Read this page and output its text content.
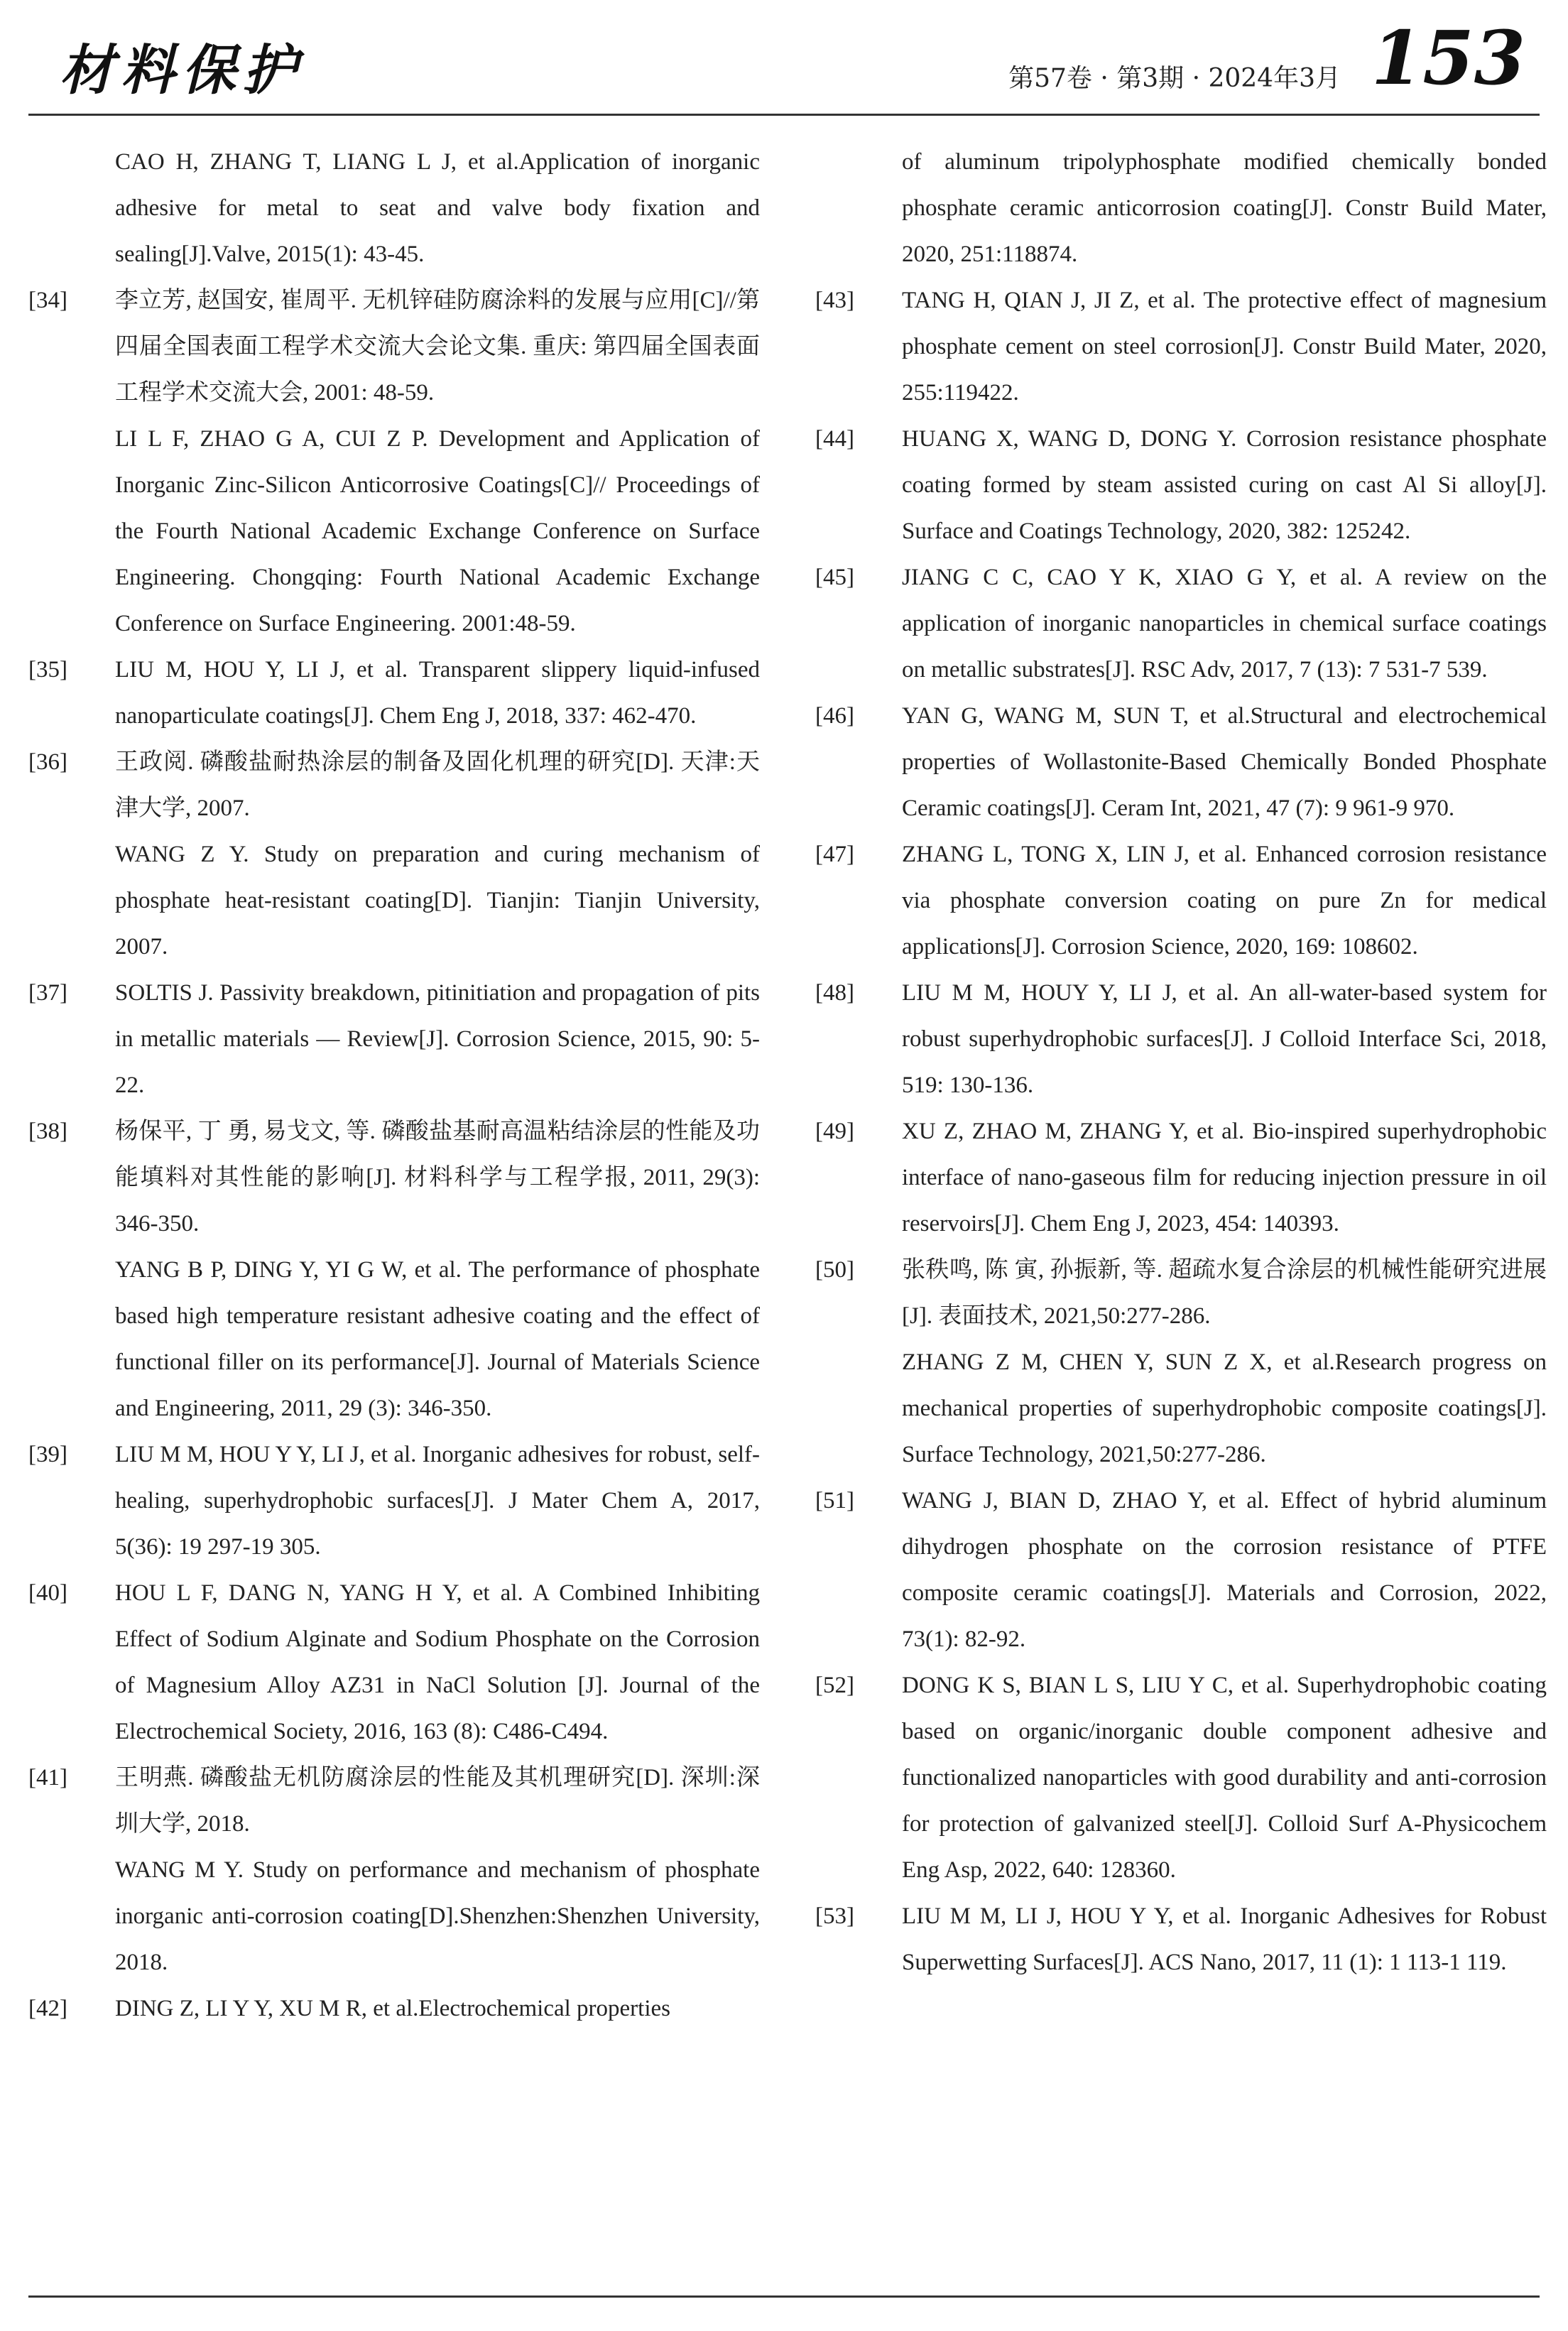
材料保护	第57卷 · 第3期 · 2024年3月 153
CAO H, ZHANG T, LIANG L J, et al.Application of inorganic adhesive for metal to seat and valve body fixation and sealing[J].Valve, 2015(1): 43-45.
[34]	李立芳, 赵国安, 崔周平. 无机锌硅防腐涂料的发展与应用[C]//第四届全国表面工程学术交流大会论文集. 重庆: 第四届全国表面工程学术交流大会, 2001: 48-59.
LI L F, ZHAO G A, CUI Z P. Development and Application of Inorganic Zinc-Silicon Anticorrosive Coatings[C]// Proceedings of the Fourth National Academic Exchange Conference on Surface Engineering. Chongqing: Fourth National Academic Exchange Conference on Surface Engineering. 2001:48-59.
[35]	LIU M, HOU Y, LI J, et al. Transparent slippery liquid-infused nanoparticulate coatings[J]. Chem Eng J, 2018, 337: 462-470.
[36]	王政阅. 磷酸盐耐热涂层的制备及固化机理的研究[D]. 天津:天津大学, 2007.
WANG Z Y. Study on preparation and curing mechanism of phosphate heat-resistant coating[D]. Tianjin: Tianjin University, 2007.
[37]	SOLTIS J. Passivity breakdown, pitinitiation and propagation of pits in metallic materials — Review[J]. Corrosion Science, 2015, 90: 5-22.
[38]	杨保平, 丁 勇, 易戈文, 等. 磷酸盐基耐高温粘结涂层的性能及功能填料对其性能的影响[J]. 材料科学与工程学报, 2011, 29(3): 346-350.
YANG B P, DING Y, YI G W, et al. The performance of phosphate based high temperature resistant adhesive coating and the effect of functional filler on its performance[J]. Journal of Materials Science and Engineering, 2011, 29 (3): 346-350.
[39]	LIU M M, HOU Y Y, LI J, et al. Inorganic adhesives for robust, self-healing, superhydrophobic surfaces[J]. J Mater Chem A, 2017, 5(36): 19 297-19 305.
[40]	HOU L F, DANG N, YANG H Y, et al. A Combined Inhibiting Effect of Sodium Alginate and Sodium Phosphate on the Corrosion of Magnesium Alloy AZ31 in NaCl Solution [J]. Journal of the Electrochemical Society, 2016, 163 (8): C486-C494.
[41]	王明燕. 磷酸盐无机防腐涂层的性能及其机理研究[D]. 深圳:深圳大学, 2018.
WANG M Y. Study on performance and mechanism of phosphate inorganic anti-corrosion coating[D].Shenzhen:Shenzhen University, 2018.
[42]	DING Z, LI Y Y, XU M R, et al.Electrochemical properties
of aluminum tripolyphosphate modified chemically bonded phosphate ceramic anticorrosion coating[J]. Constr Build Mater, 2020, 251:118874.
[43]	TANG H, QIAN J, JI Z, et al. The protective effect of magnesium phosphate cement on steel corrosion[J]. Constr Build Mater, 2020, 255:119422.
[44]	HUANG X, WANG D, DONG Y. Corrosion resistance phosphate coating formed by steam assisted curing on cast Al Si alloy[J]. Surface and Coatings Technology, 2020, 382: 125242.
[45]	JIANG C C, CAO Y K, XIAO G Y, et al. A review on the application of inorganic nanoparticles in chemical surface coatings on metallic substrates[J]. RSC Adv, 2017, 7 (13): 7 531-7 539.
[46]	YAN G, WANG M, SUN T, et al.Structural and electrochemical properties of Wollastonite-Based Chemically Bonded Phosphate Ceramic coatings[J]. Ceram Int, 2021, 47 (7): 9 961-9 970.
[47]	ZHANG L, TONG X, LIN J, et al. Enhanced corrosion resistance via phosphate conversion coating on pure Zn for medical applications[J]. Corrosion Science, 2020, 169: 108602.
[48]	LIU M M, HOUY Y, LI J, et al. An all-water-based system for robust superhydrophobic surfaces[J]. J Colloid Interface Sci, 2018, 519: 130-136.
[49]	XU Z, ZHAO M, ZHANG Y, et al. Bio-inspired superhydrophobic interface of nano-gaseous film for reducing injection pressure in oil reservoirs[J]. Chem Eng J, 2023, 454: 140393.
[50]	张秩鸣, 陈 寅, 孙振新, 等. 超疏水复合涂层的机械性能研究进展[J]. 表面技术, 2021,50:277-286.
ZHANG Z M, CHEN Y, SUN Z X, et al.Research progress on mechanical properties of superhydrophobic composite coatings[J]. Surface Technology, 2021,50:277-286.
[51]	WANG J, BIAN D, ZHAO Y, et al. Effect of hybrid aluminum dihydrogen phosphate on the corrosion resistance of PTFE composite ceramic coatings[J]. Materials and Corrosion, 2022, 73(1): 82-92.
[52]	DONG K S, BIAN L S, LIU Y C, et al. Superhydrophobic coating based on organic/inorganic double component adhesive and functionalized nanoparticles with good durability and anti-corrosion for protection of galvanized steel[J]. Colloid Surf A-Physicochem Eng Asp, 2022, 640: 128360.
[53]	LIU M M, LI J, HOU Y Y, et al. Inorganic Adhesives for Robust Superwetting Surfaces[J]. ACS Nano, 2017, 11 (1): 1 113-1 119.
